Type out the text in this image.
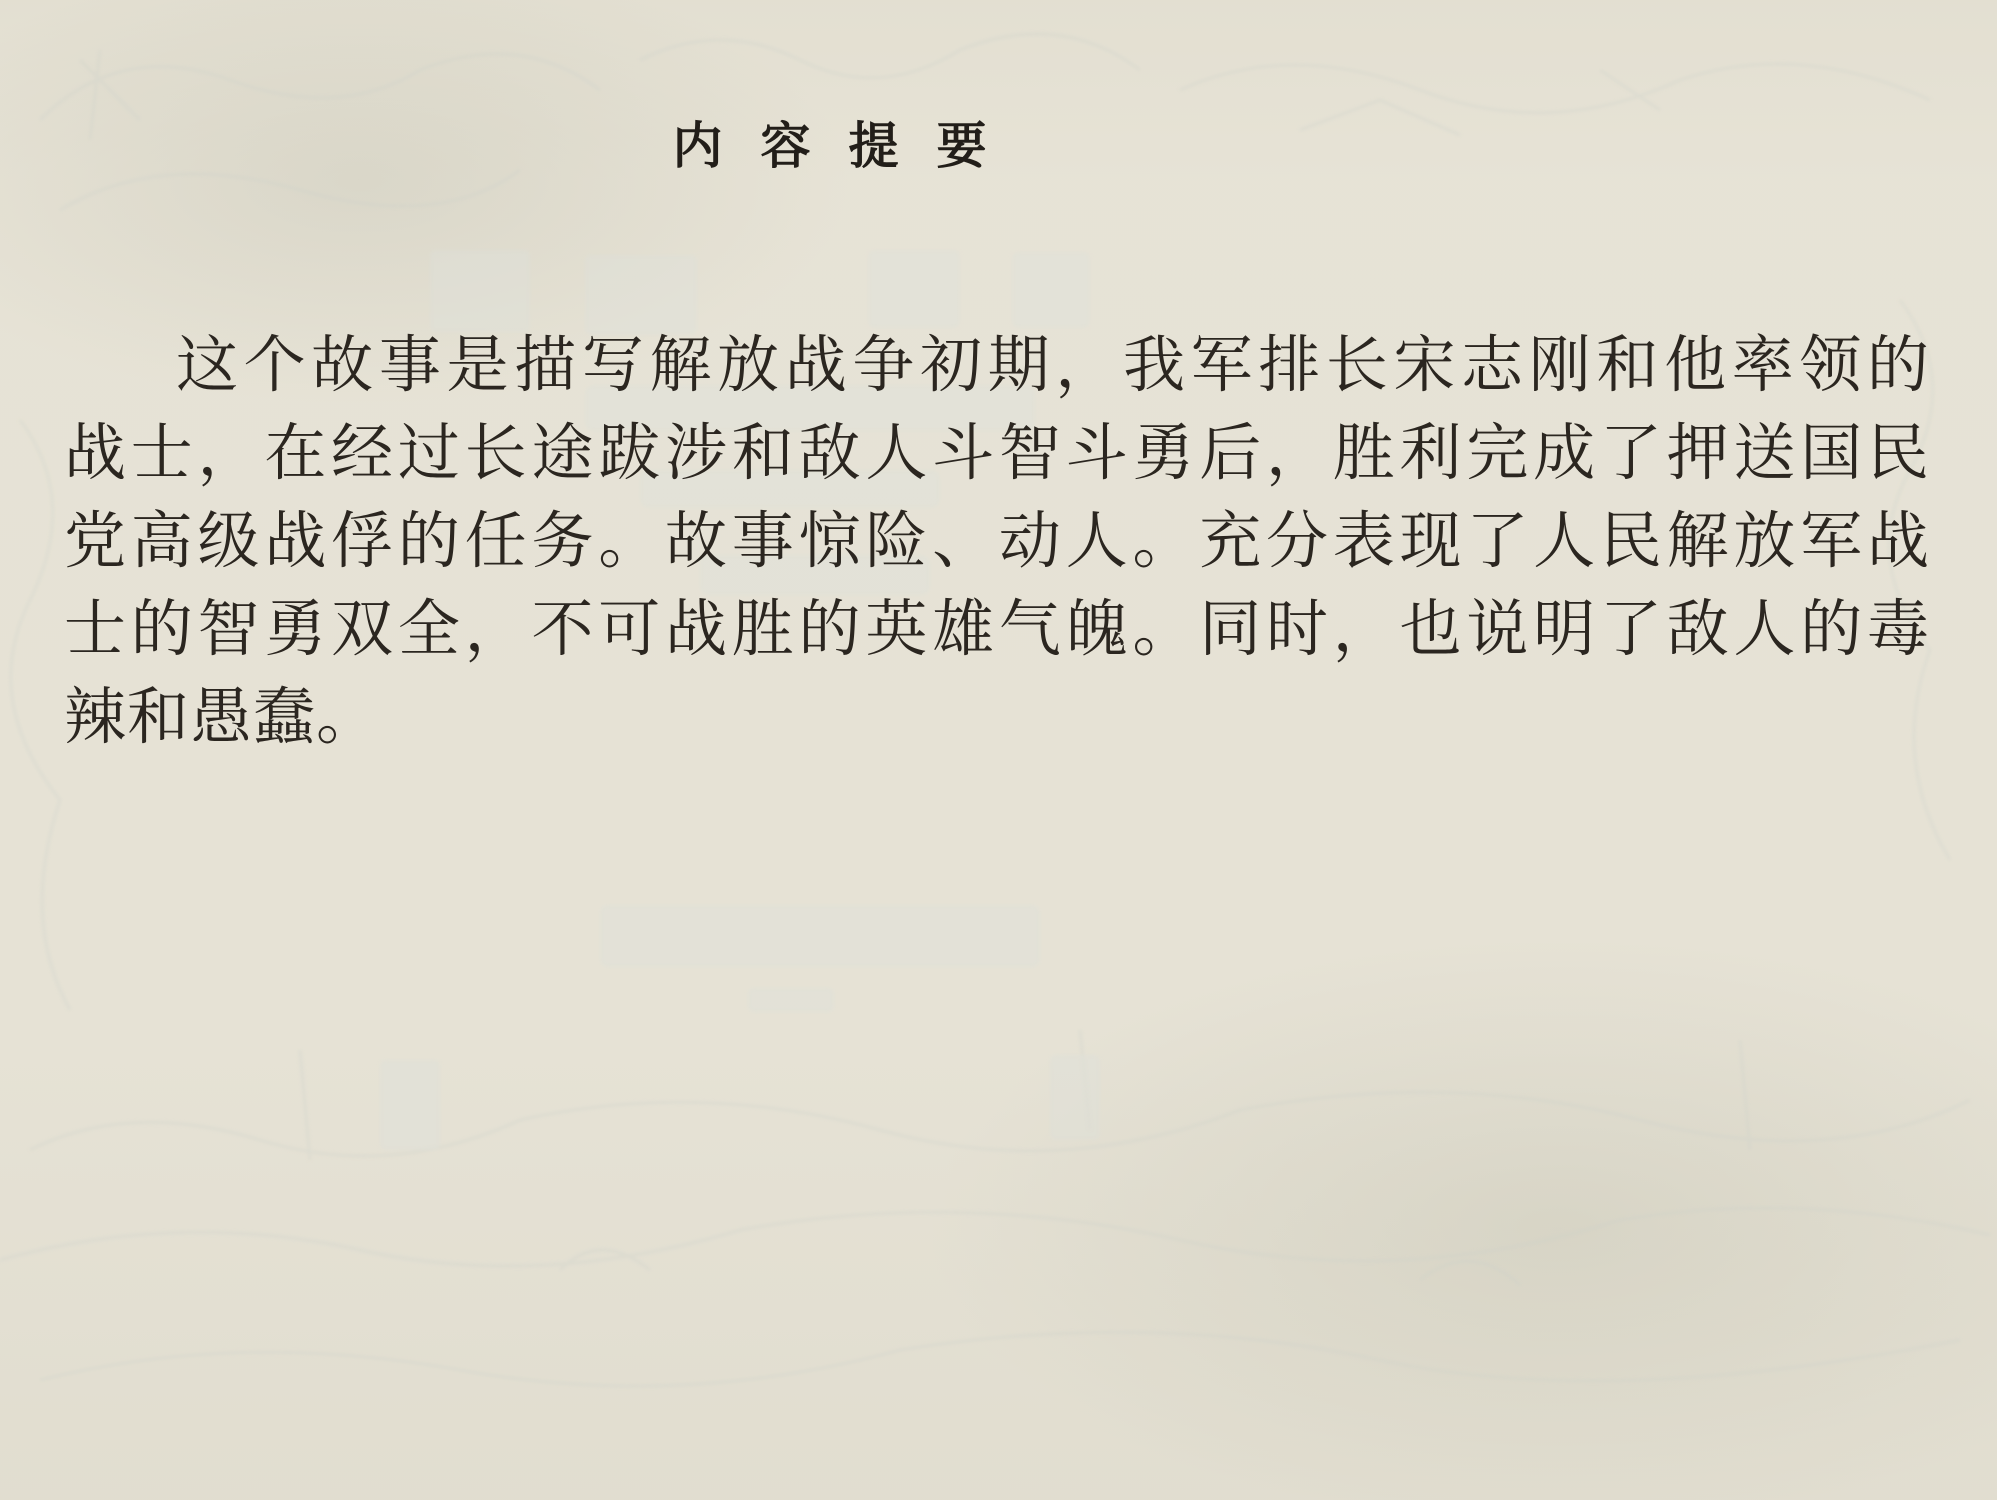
内容提要
这个故事是描写解放战争初期，我军排长宋志刚和他率领的
战士，在经过长途跋涉和敌人斗智斗勇后，胜利完成了押送国民
党高级战俘的任务。故事惊险、动人。充分表现了人民解放军战
士的智勇双全，不可战胜的英雄气魄。同时，也说明了敌人的毒
辣和愚蠢。
